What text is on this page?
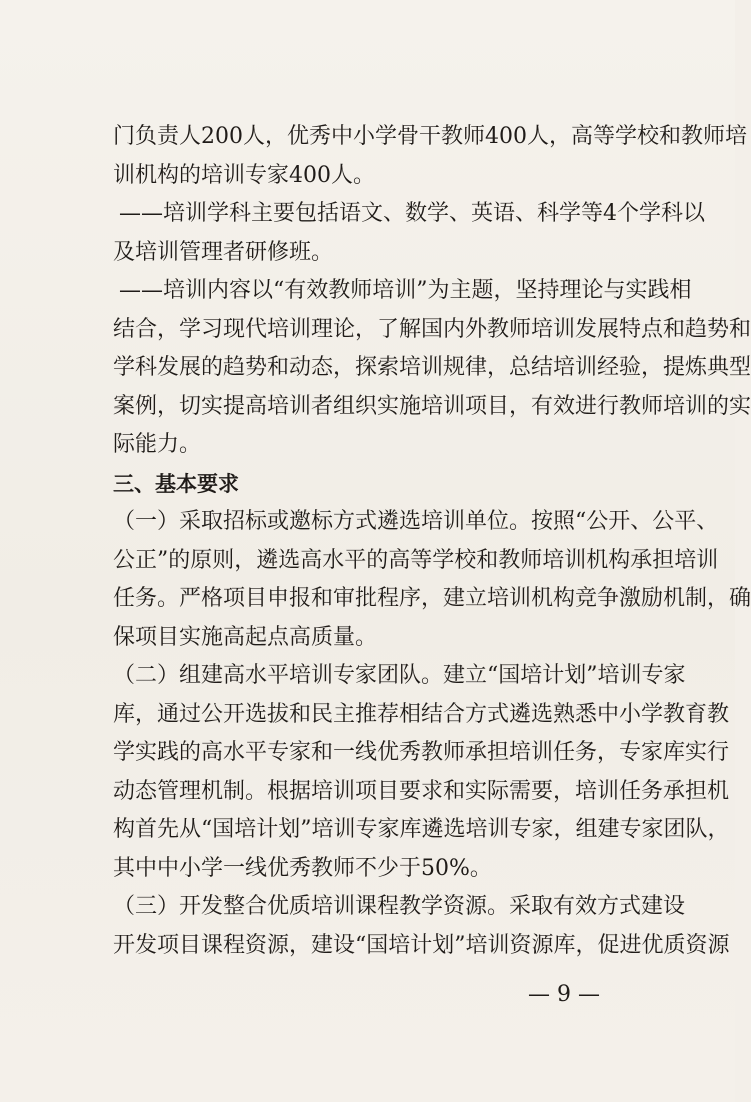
门负责人200人，优秀中小学骨干教师400人，高等学校和教师培
训机构的培训专家400人。
——培训学科主要包括语文、数学、英语、科学等4个学科以
及培训管理者研修班。
——培训内容以“有效教师培训”为主题，坚持理论与实践相
结合，学习现代培训理论，了解国内外教师培训发展特点和趋势和
学科发展的趋势和动态，探索培训规律，总结培训经验，提炼典型
案例，切实提高培训者组织实施培训项目，有效进行教师培训的实
际能力。
三、基本要求
（一）采取招标或邀标方式遴选培训单位。按照“公开、公平、
公正”的原则，遴选高水平的高等学校和教师培训机构承担培训
任务。严格项目申报和审批程序，建立培训机构竞争激励机制，确
保项目实施高起点高质量。
（二）组建高水平培训专家团队。建立“国培计划”培训专家
库，通过公开选拔和民主推荐相结合方式遴选熟悉中小学教育教
学实践的高水平专家和一线优秀教师承担培训任务，专家库实行
动态管理机制。根据培训项目要求和实际需要，培训任务承担机
构首先从“国培计划”培训专家库遴选培训专家，组建专家团队，
其中中小学一线优秀教师不少于50%。
（三）开发整合优质培训课程教学资源。采取有效方式建设
开发项目课程资源，建设“国培计划”培训资源库，促进优质资源
— 9 —
